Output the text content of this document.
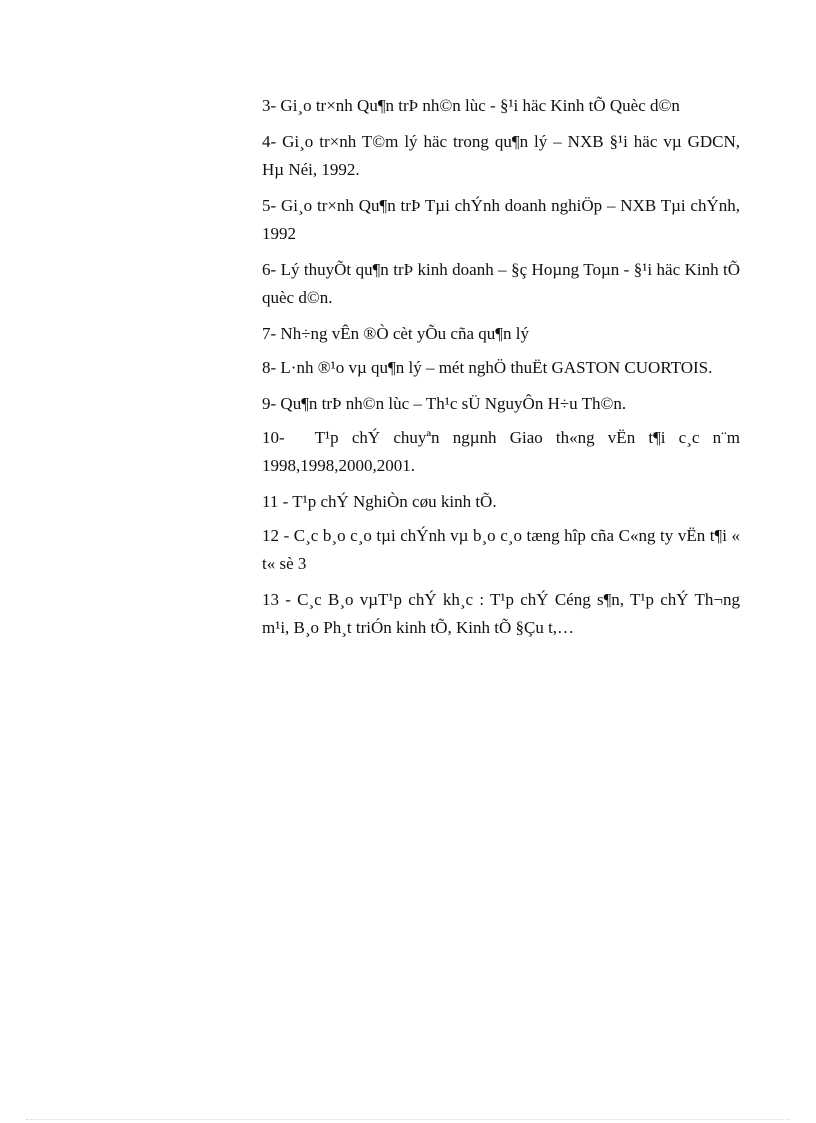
3- Gi¸o tr×nh Qu¶n trÞ nh©n lùc - §¹i häc Kinh tÕ Quèc d©n

4- Gi¸o tr×nh T©m lý häc trong qu¶n lý – NXB §¹i häc vµ GDCN, Hµ Néi, 1992.

5- Gi¸o tr×nh Qu¶n trÞ Tµi chÝnh doanh nghiÖp – NXB Tµi chÝnh, 1992

6- Lý thuyÕt qu¶n trÞ kinh doanh – §ç Hoµng Toµn - §¹i häc Kinh tÕ quèc d©n.

7- Nh÷ng vÊn ®Ò cèt yÕu cña qu¶n lý

8- L·nh ®¹o vµ qu¶n lý – mét nghÖ thuËt GASTON CUORTOIS.

9- Qu¶n trÞ nh©n lùc – Th¹c sÜ NguyÔn H÷u Th©n.

10- T¹p chÝ chuyªn ngµnh Giao th«ng vËn t¶i c¸c n¨m 1998,1998,2000,2001.

11 - T¹p chÝ NghiÒn cøu kinh tÕ.

12 - C¸c b¸o c¸o tµi chÝnh vµ b¸o c¸o tæng hîp cña C«ng ty vËn t¶i « t« sè 3

13 - C¸c B¸o vµT¹p chÝ kh¸c : T¹p chÝ Céng s¶n, T¹p chÝ Th¬ng m¹i, B¸o Ph¸t triÓn kinh tÕ, Kinh tÕ §Çu t,…
